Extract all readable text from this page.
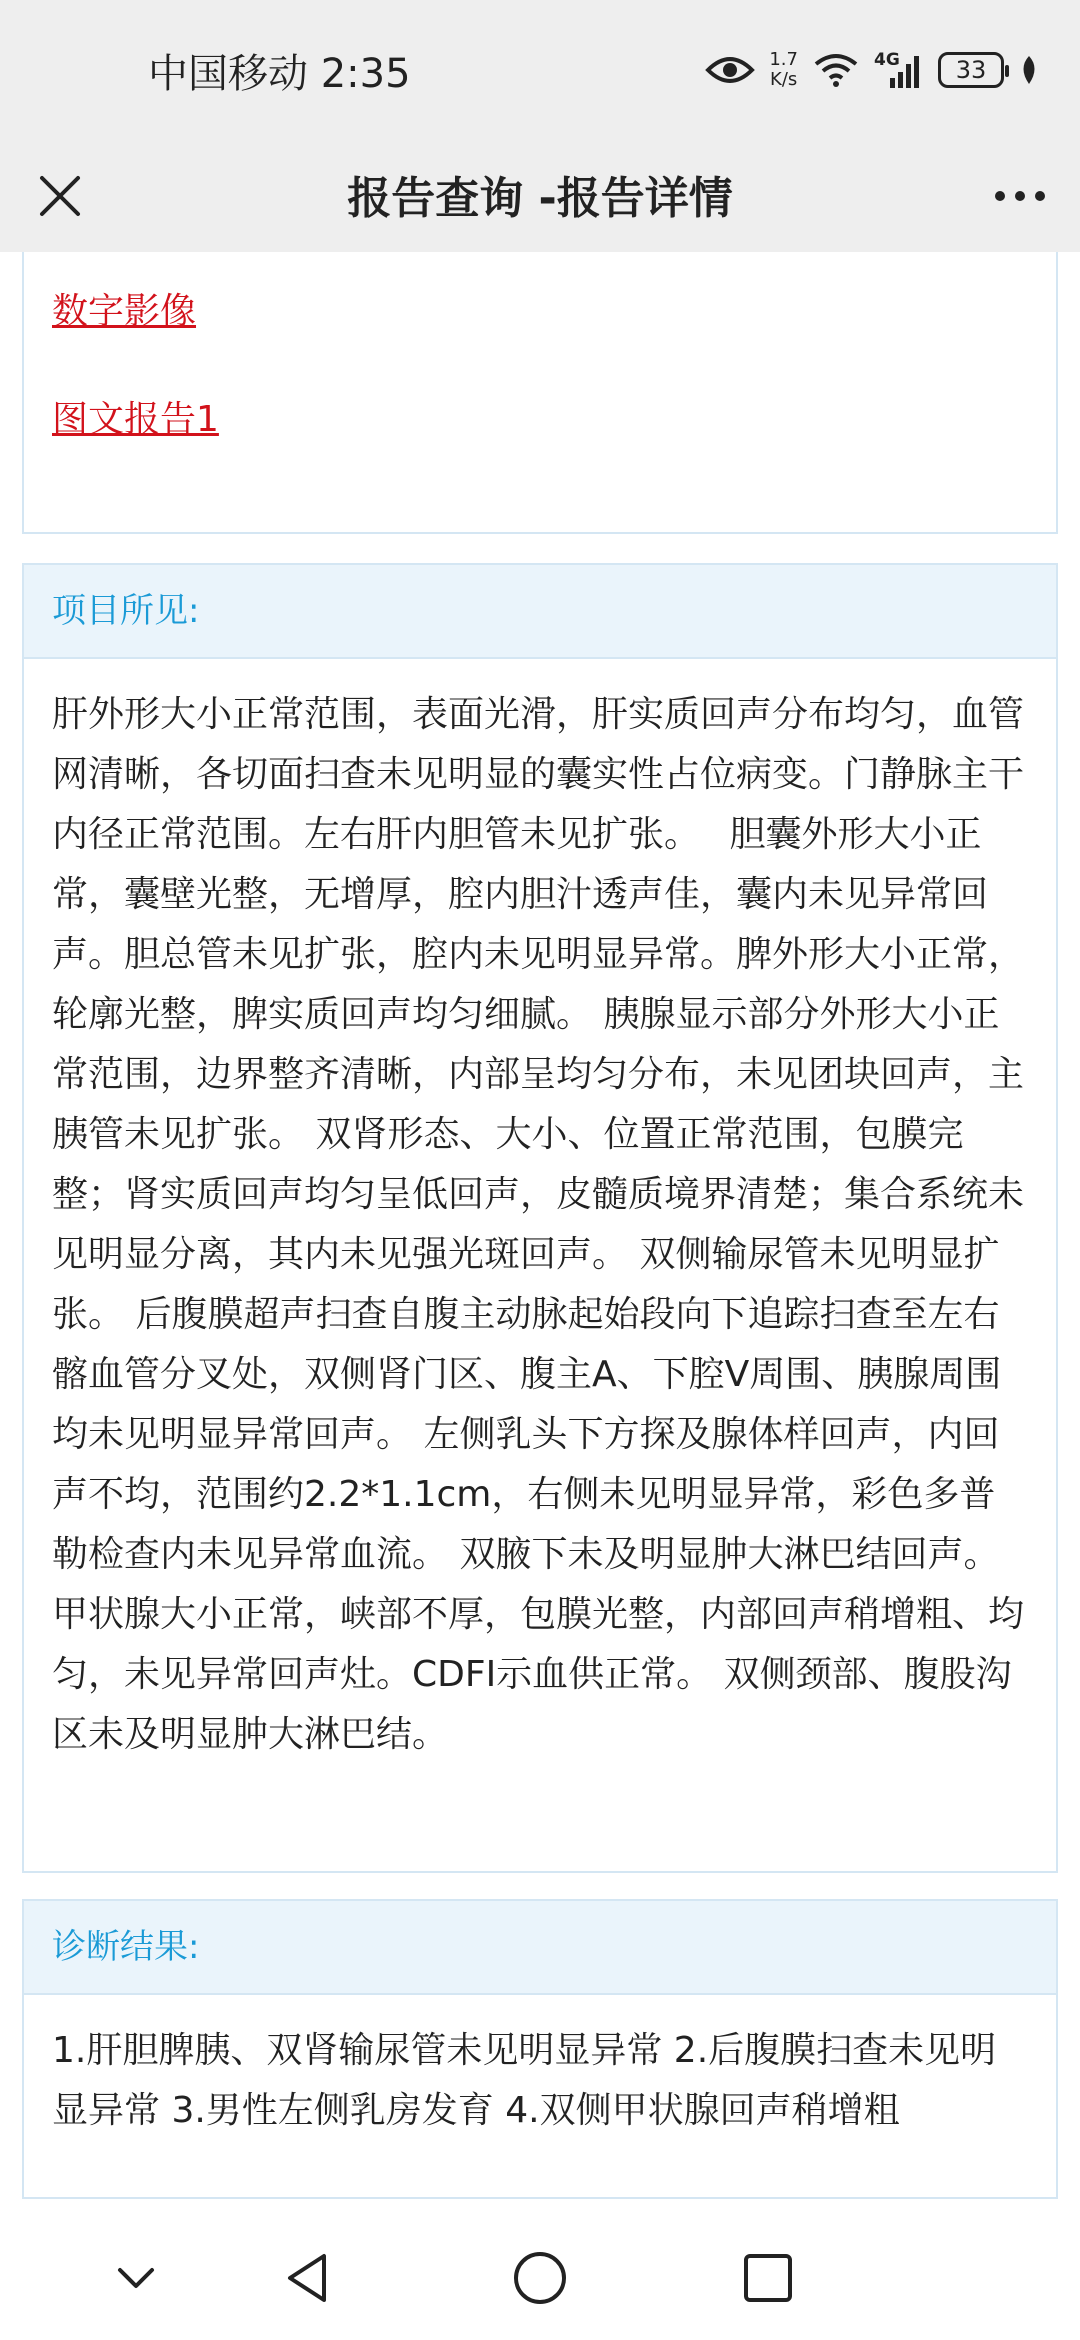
中国移动 2:35	1.7
K/s
4G 33
报告查询 -报告详情
数字影像
图文报告1
项目所见:
肝外形大小正常范围，表面光滑，肝实质回声分布均匀，血管网清晰，各切面扫查未见明显的囊实性占位病变。门静脉主干内径正常范围。左右肝内胆管未见扩张。　 胆囊外形大小正常，囊壁光整，无增厚，腔内胆汁透声佳，囊内未见异常回声。胆总管未见扩张，腔内未见明显异常。脾外形大小正常，轮廓光整，脾实质回声均匀细腻。 胰腺显示部分外形大小正常范围，边界整齐清晰，内部呈均匀分布，未见团块回声，主胰管未见扩张。 双肾形态、大小、位置正常范围，包膜完整；肾实质回声均匀呈低回声，皮髓质境界清楚；集合系统未见明显分离，其内未见强光斑回声。 双侧输尿管未见明显扩张。 后腹膜超声扫查自腹主动脉起始段向下追踪扫查至左右髂血管分叉处，双侧肾门区、腹主A、下腔V周围、胰腺周围均未见明显异常回声。 左侧乳头下方探及腺体样回声，内回声不均，范围约2.2*1.1cm，右侧未见明显异常，彩色多普勒检查内未见异常血流。 双腋下未及明显肿大淋巴结回声。 甲状腺大小正常，峡部不厚，包膜光整，内部回声稍增粗、均匀，未见异常回声灶。CDFI示血供正常。 双侧颈部、腹股沟区未及明显肿大淋巴结。
诊断结果:
1.肝胆脾胰、双肾输尿管未见明显异常 2.后腹膜扫查未见明显异常 3.男性左侧乳房发育 4.双侧甲状腺回声稍增粗
